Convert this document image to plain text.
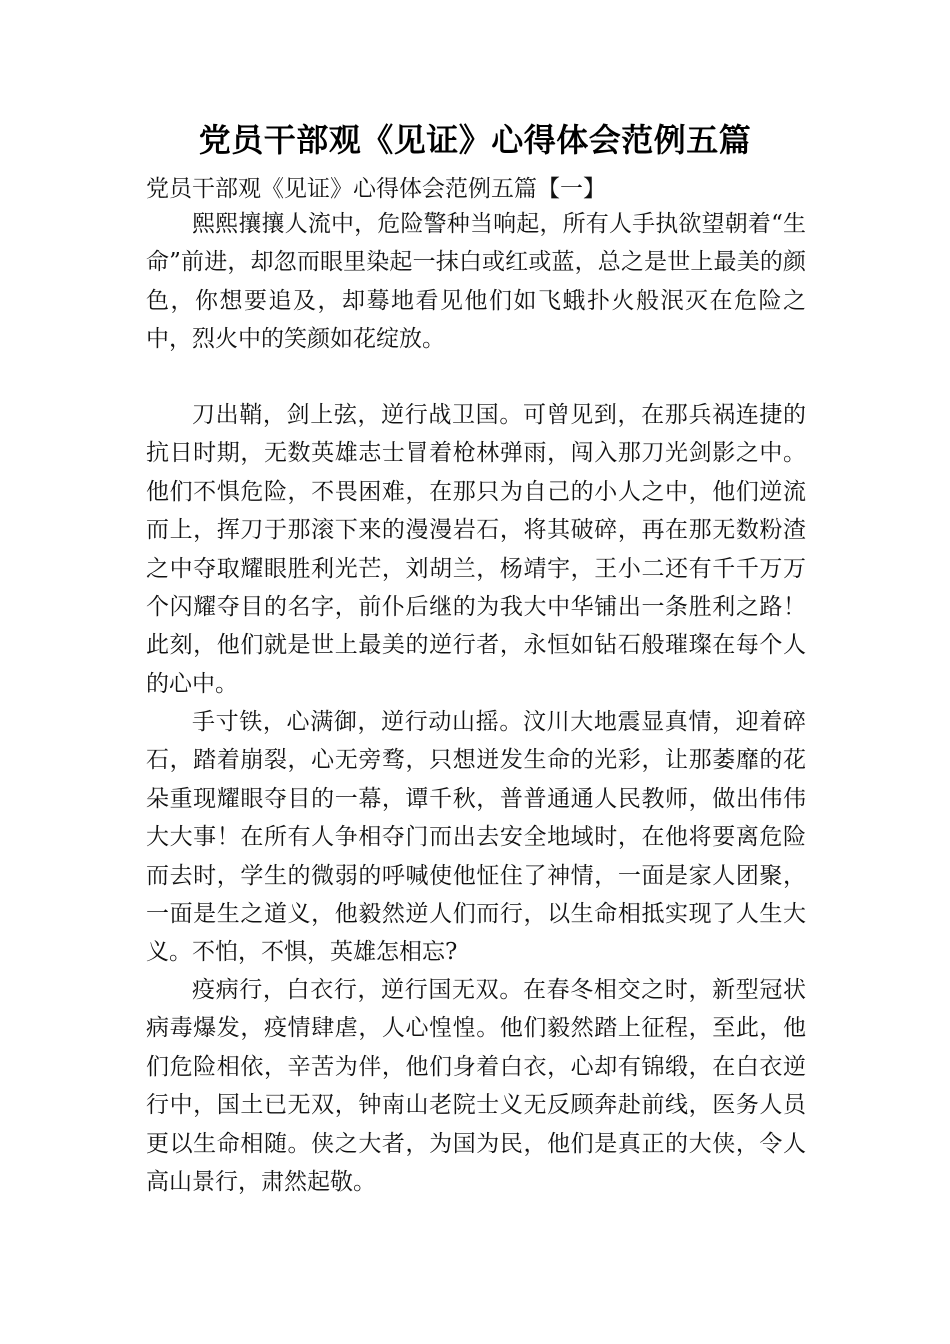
党员干部观《见证》心得体会范例五篇
党员干部观《见证》心得体会范例五篇【一】

熙熙攘攘人流中，危险警种当响起，所有人手执欲望朝着“生命”前进，却忽而眼里染起一抹白或红或蓝，总之是世上最美的颜色，你想要追及，却蓦地看见他们如飞蛾扑火般泯灭在危险之中，烈火中的笑颜如花绽放。

刀出鞘，剑上弦，逆行战卫国。可曾见到，在那兵祸连捷的抗日时期，无数英雄志士冒着枪林弹雨，闯入那刀光剑影之中。他们不惧危险，不畏困难，在那只为自己的小人之中，他们逆流而上，挥刀于那滚下来的漫漫岩石，将其破碎，再在那无数粉渣之中夺取耀眼胜利光芒，刘胡兰，杨靖宇，王小二还有千千万万个闪耀夺目的名字，前仆后继的为我大中华铺出一条胜利之路！此刻，他们就是世上最美的逆行者，永恒如钻石般璀璨在每个人的心中。

手寸铁，心满御，逆行动山摇。汶川大地震显真情，迎着碎石，踏着崩裂，心无旁骛，只想迸发生命的光彩，让那萎靡的花朵重现耀眼夺目的一幕，谭千秋，普普通通人民教师，做出伟伟大大事！在所有人争相夺门而出去安全地域时，在他将要离危险而去时，学生的微弱的呼喊使他怔住了神情，一面是家人团聚，一面是生之道义，他毅然逆人们而行，以生命相抵实现了人生大义。不怕，不惧，英雄怎相忘?

疫病行，白衣行，逆行国无双。在春冬相交之时，新型冠状病毒爆发，疫情肆虐，人心惶惶。他们毅然踏上征程，至此，他们危险相依，辛苦为伴，他们身着白衣，心却有锦缎，在白衣逆行中，国土已无双，钟南山老院士义无反顾奔赴前线，医务人员更以生命相随。侠之大者，为国为民，他们是真正的大侠，令人高山景行，肃然起敬。
